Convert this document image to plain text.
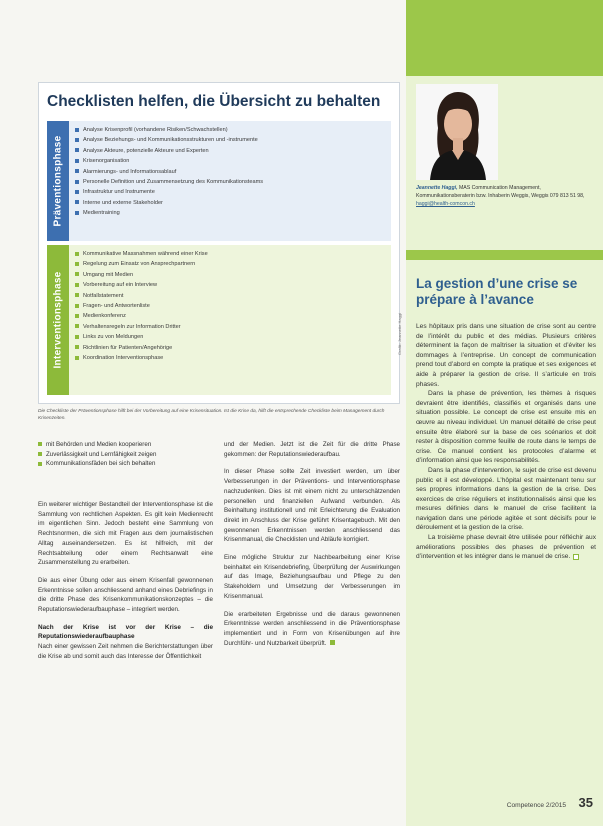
Checklisten helfen, die Übersicht zu behalten
Präventionsphase
Analyse Krisenprofil (vorhandene Risiken/Schwachstellen)
Analyse Beziehungs- und Kommunikationsstrukturen und -instrumente
Analyse Akteure, potenzielle Akteure und Experten
Krisenorganisation
Alarmierungs- und Informationsablauf
Personelle Definition und Zusammensetzung des Kommunikationsteams
Infrastruktur und Instrumente
Interne und externe Stakeholder
Medientraining
Interventionsphase
Kommunikative Massnahmen während einer Krise
Regelung zum Einsatz von Ansprechpartnern
Umgang mit Medien
Vorbereitung auf ein Interview
Notfallstatement
Fragen- und Antwortenliste
Medienkonferenz
Verhaltensregeln zur Information Dritter
Links zu von Meldungen
Richtlinien für Patienten/Angehörige
Koordination Interventionsphase
Grafik: Jeannette Haggi
Die Checkliste der Präventionsphase hilft bei der Vorbereitung auf eine Krisensituation. Ist die Krise da, hilft die entsprechende Checkliste beim Management durch Krisenzeiten.
mit Behörden und Medien kooperieren
Zuverlässigkeit und Lernfähigkeit zeigen
Kommunikationsfäden bei sich behalten

Ein weiterer wichtiger Bestandteil der Interventionsphase ist die Sammlung von rechtlichen Aspekten. Es gilt kein Medienrecht im eigentlichen Sinn. Jedoch besteht eine Sammlung von Rechtsnormen, die sich mit Fragen aus dem journalistischen Alltag auseinandersetzen. Es ist hilfreich, mit der Rechtsabteilung oder einem Rechtsanwalt eine Zusammenstellung zu erarbeiten.

Die aus einer Übung oder aus einem Krisenfall gewonnenen Erkenntnisse sollen anschliessend anhand eines Debriefings in die dritte Phase des Krisenkommunikationskonzeptes – die Reputationswiederaufbauphase – integriert werden.

Nach der Krise ist vor der Krise – die Reputationswiederaufbauphase

Nach einer gewissen Zeit nehmen die Berichterstattungen über die Krise ab und somit auch das Interesse der Öffentlichkeit

und der Medien. Jetzt ist die Zeit für die dritte Phase gekommen: der Reputationswiederaufbau.

In dieser Phase sollte Zeit investiert werden, um über Verbesserungen in der Präventions- und Interventionsphase nachzudenken. Dies ist mit einem nicht zu unterschätzenden personellen und finanziellen Aufwand verbunden. Als Beinhaltung institutionell und mit Erleichterung die Evaluation direkt im Anschluss der Krise geführt Krisentagebuch. Mit den gewonnenen Erkenntnissen werden anschliessend das Krisenmanual, die Checklisten und Abläufe korrigiert.

Eine mögliche Struktur zur Nachbearbeitung einer Krise beinhaltet ein Krisendebriefing, Überprüfung der Auswirkungen auf das Image, Beziehungsaufbau und Pflege zu den Stakeholdern und Umsetzung der Verbesserungen im Krisenmanual.

Die erarbeiteten Ergebnisse und die daraus gewonnenen Erkenntnisse werden anschliessend in die Präventionsphase implementiert und in Form von Krisenübungen auf ihre Durchführ- und Nutzbarkeit überprüft.

Jeannette Haggi, MAS Communication Management, Kommunikationsberaterin bzw. Inhaberin Weggis, Weggis 079 813 51 98, haggi@health-comcon.ch
La gestion d’une crise se prépare à l’avance

Les hôpitaux pris dans une situation de crise sont au centre de l’intérêt du public et des médias. Plusieurs critères déterminent la façon de maîtriser la situation et d’éviter les dommages à l’entreprise. Un concept de communication prend tout d’abord en compte la pratique et ses exigences et aide à préparer la gestion de crise. Il s’articule en trois phases.

Dans la phase de prévention, les thèmes à risques devraient être identifiés, classifiés et organisés dans une situation possible. Le concept de crise est ensuite mis en œuvre au niveau individuel. Un manuel détaillé de crise peut ensuite être élaboré sur la base de ces scénarios et doit rester à disposition comme feuille de route dans le temps de crise. Ce manuel contient les protocoles d’alarme et d’information ainsi que les responsabilités.

Dans la phase d’intervention, le sujet de crise est devenu public et il est développé. L’hôpital est maintenant tenu sur ses propres informations dans la gestion de la crise. Des exercices de crise réguliers et institutionnalisés ainsi que les mesures définies dans le manuel de crise facilitent la navigation dans une période agitée et sont décisifs pour le déroulement et la gestion de la crise.

La troisième phase devrait être utilisée pour réfléchir aux améliorations possibles des phases de prévention et d’intervention et les intégrer dans le manuel de crise.

Competence 2/2015 35
